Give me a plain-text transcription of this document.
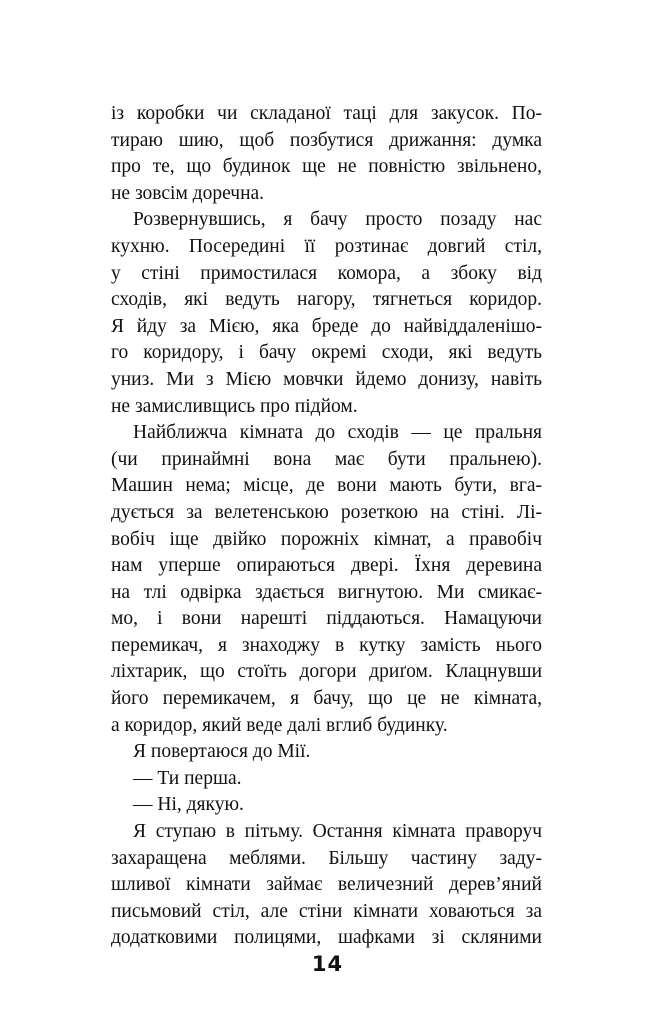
із коробки чи складаної таці для закусок. По-
тираю шию, щоб позбутися дрижання: думка
про те, що будинок ще не повністю звільнено,
не зовсім доречна.
Розвернувшись, я бачу просто позаду нас
кухню. Посередині її розтинає довгий стіл,
у стіні примостилася комора, а збоку від
сходів, які ведуть нагору, тягнеться коридор.
Я йду за Мією, яка бреде до найвіддаленішо-
го коридору, і бачу окремі сходи, які ведуть
униз. Ми з Мією мовчки йдемо донизу, навіть
не замисливщись про підйом.
Найближча кімната до сходів — це пральня
(чи принаймні вона має бути пральнею).
Машин нема; місце, де вони мають бути, вга-
дується за велетенською розеткою на стіні. Лі-
вобіч іще двійко порожніх кімнат, а правобіч
нам уперше опираються двері. Їхня деревина
на тлі одвірка здається вигнутою. Ми смикає-
мо, і вони нарешті піддаються. Намацуючи
перемикач, я знаходжу в кутку замість нього
ліхтарик, що стоїть догори дриґом. Клацнувши
його перемикачем, я бачу, що це не кімната,
а коридор, який веде далі вглиб будинку.
Я повертаюся до Мії.
— Ти перша.
— Ні, дякую.
Я ступаю в пітьму. Остання кімната праворуч
захаращена меблями. Більшу частину заду-
шливої кімнати займає величезний дерев’яний
письмовий стіл, але стіни кімнати ховаються за
додатковими полицями, шафками зі скляними
14
